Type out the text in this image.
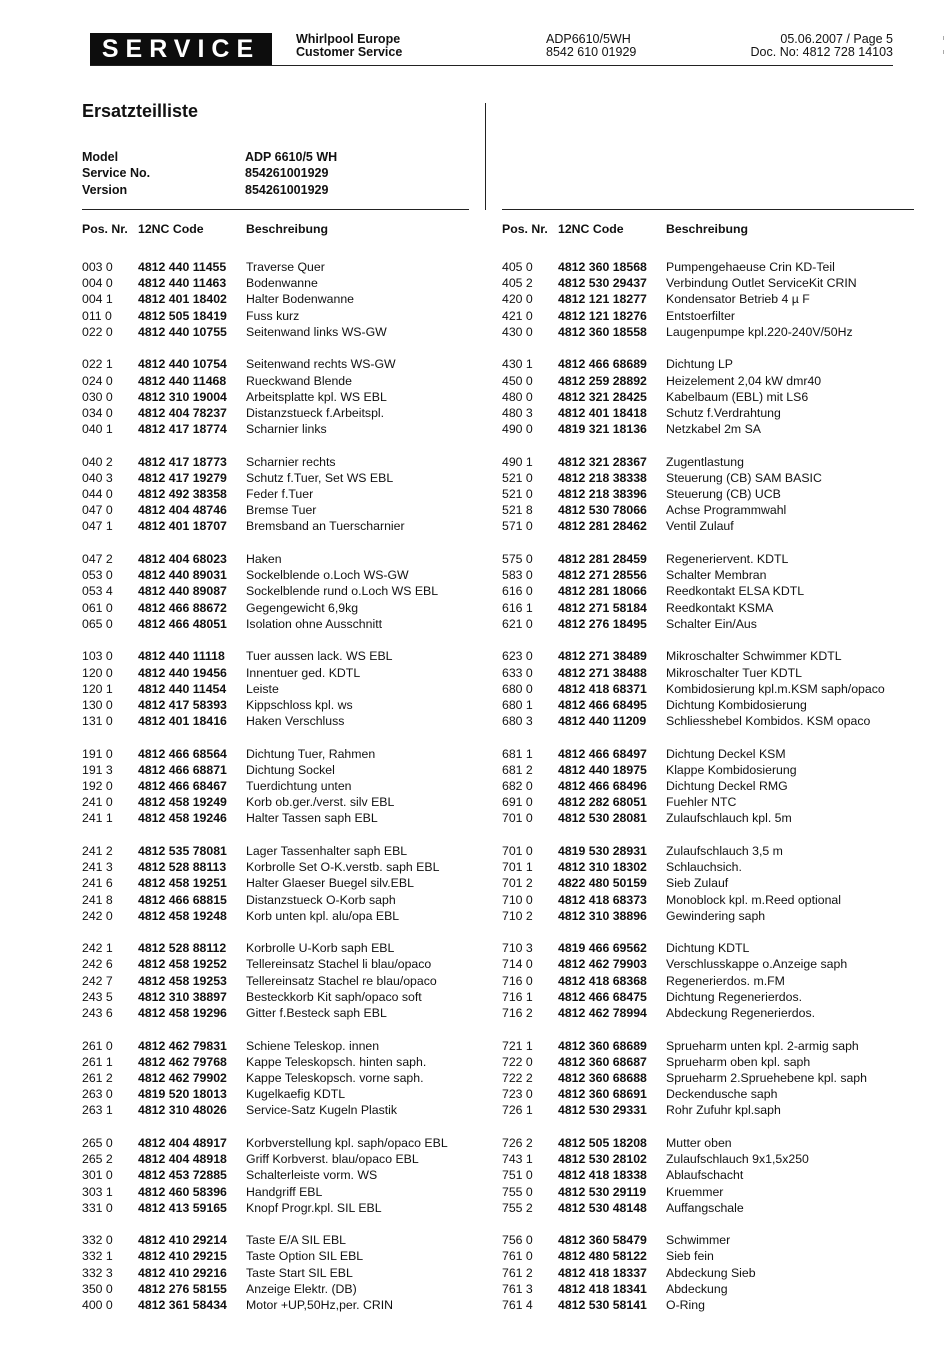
SERVICE	Whirlpool Europe
Customer Service
ADP6610/5WH
8542 610 01929
05.06.2007 / Page 5
Doc. No: 4812 728 14103
Ersatzteilliste
Model	ADP 6610/5 WH
Service No.	854261001929
Version	854261001929
Pos. Nr. 12NC Code	Beschreibung
003 0	4812 440 11455	Traverse Quer
004 0	4812 440 11463	Bodenwanne
004 1	4812 401 18402	Halter Bodenwanne
011 0	4812 505 18419	Fuss kurz
022 0	4812 440 10755	Seitenwand links WS-GW
022 1	4812 440 10754	Seitenwand rechts WS-GW
024 0	4812 440 11468	Rueckwand Blende
030 0	4812 310 19004	Arbeitsplatte kpl. WS EBL
034 0	4812 404 78237	Distanzstueck f.Arbeitspl.
040 1	4812 417 18774	Scharnier links
040 2	4812 417 18773	Scharnier rechts
040 3	4812 417 19279	Schutz f.Tuer, Set WS EBL
044 0	4812 492 38358	Feder f.Tuer
047 0	4812 404 48746	Bremse Tuer
047 1	4812 401 18707	Bremsband an Tuerscharnier
047 2	4812 404 68023	Haken
053 0	4812 440 89031	Sockelblende o.Loch WS-GW
053 4	4812 440 89087	Sockelblende rund o.Loch WS EBL
061 0	4812 466 88672	Gegengewicht 6,9kg
065 0	4812 466 48051	Isolation ohne Ausschnitt
103 0	4812 440 11118	Tuer aussen lack. WS EBL
120 0	4812 440 19456	Innentuer ged. KDTL
120 1	4812 440 11454	Leiste
130 0	4812 417 58393	Kippschloss kpl. ws
131 0	4812 401 18416	Haken Verschluss
191 0	4812 466 68564	Dichtung Tuer, Rahmen
191 3	4812 466 68871	Dichtung Sockel
192 0	4812 466 68467	Tuerdichtung unten
241 0	4812 458 19249	Korb ob.ger./verst. silv EBL
241 1	4812 458 19246	Halter Tassen saph EBL
241 2	4812 535 78081	Lager Tassenhalter saph EBL
241 3	4812 528 88113	Korbrolle Set O-K.verstb. saph EBL
241 6	4812 458 19251	Halter Glaeser Buegel silv.EBL
241 8	4812 466 68815	Distanzstueck O-Korb saph
242 0	4812 458 19248	Korb unten kpl. alu/opa EBL
242 1	4812 528 88112	Korbrolle U-Korb saph EBL
242 6	4812 458 19252	Tellereinsatz Stachel li blau/opaco
242 7	4812 458 19253	Tellereinsatz Stachel re blau/opaco
243 5	4812 310 38897	Besteckkorb Kit saph/opaco soft
243 6	4812 458 19296	Gitter f.Besteck saph EBL
261 0	4812 462 79831	Schiene Teleskop. innen
261 1	4812 462 79768	Kappe Teleskopsch. hinten saph.
261 2	4812 462 79902	Kappe Teleskopsch. vorne saph.
263 0	4819 520 18013	Kugelkaefig KDTL
263 1	4812 310 48026	Service-Satz Kugeln Plastik
265 0	4812 404 48917	Korbverstellung kpl. saph/opaco EBL
265 2	4812 404 48918	Griff Korbverst. blau/opaco EBL
301 0	4812 453 72885	Schalterleiste vorm. WS
303 1	4812 460 58396	Handgriff EBL
331 0	4812 413 59165	Knopf Progr.kpl. SIL EBL
332 0	4812 410 29214	Taste E/A SIL EBL
332 1	4812 410 29215	Taste Option SIL EBL
332 3	4812 410 29216	Taste Start SIL EBL
350 0	4812 276 58155	Anzeige Elektr. (DB)
400 0	4812 361 58434	Motor +UP,50Hz,per. CRIN
Pos. Nr. 12NC Code	Beschreibung
405 0	4812 360 18568	Pumpengehaeuse Crin KD-Teil
405 2	4812 530 29437	Verbindung Outlet ServiceKit CRIN
420 0	4812 121 18277	Kondensator Betrieb 4 µ F
421 0	4812 121 18276	Entstoerfilter
430 0	4812 360 18558	Laugenpumpe kpl.220-240V/50Hz
430 1	4812 466 68689	Dichtung LP
450 0	4812 259 28892	Heizelement 2,04 kW dmr40
480 0	4812 321 28425	Kabelbaum (EBL) mit LS6
480 3	4812 401 18418	Schutz f.Verdrahtung
490 0	4819 321 18136	Netzkabel 2m SA
490 1	4812 321 28367	Zugentlastung
521 0	4812 218 38338	Steuerung (CB) SAM BASIC
521 0	4812 218 38396	Steuerung (CB) UCB
521 8	4812 530 78066	Achse Programmwahl
571 0	4812 281 28462	Ventil Zulauf
575 0	4812 281 28459	Regeneriervent. KDTL
583 0	4812 271 28556	Schalter Membran
616 0	4812 281 18066	Reedkontakt ELSA KDTL
616 1	4812 271 58184	Reedkontakt KSMA
621 0	4812 276 18495	Schalter Ein/Aus
623 0	4812 271 38489	Mikroschalter Schwimmer KDTL
633 0	4812 271 38488	Mikroschalter Tuer KDTL
680 0	4812 418 68371	Kombidosierung kpl.m.KSM saph/opaco
680 1	4812 466 68495	Dichtung Kombidosierung
680 3	4812 440 11209	Schliesshebel Kombidos. KSM opaco
681 1	4812 466 68497	Dichtung Deckel KSM
681 2	4812 440 18975	Klappe Kombidosierung
682 0	4812 466 68496	Dichtung Deckel RMG
691 0	4812 282 68051	Fuehler NTC
701 0	4812 530 28081	Zulaufschlauch kpl. 5m
701 0	4819 530 28931	Zulaufschlauch 3,5 m
701 1	4812 310 18302	Schlauchsich.
701 2	4822 480 50159	Sieb Zulauf
710 0	4812 418 68373	Monoblock kpl. m.Reed optional
710 2	4812 310 38896	Gewindering saph
710 3	4819 466 69562	Dichtung KDTL
714 0	4812 462 79903	Verschlusskappe o.Anzeige saph
716 0	4812 418 68368	Regenerierdos. m.FM
716 1	4812 466 68475	Dichtung Regenerierdos.
716 2	4812 462 78994	Abdeckung Regenerierdos.
721 1	4812 360 68689	Sprueharm unten kpl. 2-armig saph
722 0	4812 360 68687	Sprueharm oben kpl. saph
722 2	4812 360 68688	Sprueharm 2.Spruehebene kpl. saph
723 0	4812 360 68691	Deckendusche saph
726 1	4812 530 29331	Rohr Zufuhr kpl.saph
726 2	4812 505 18208	Mutter oben
743 1	4812 530 28102	Zulaufschlauch 9x1,5x250
751 0	4812 418 18338	Ablaufschacht
755 0	4812 530 29119	Kruemmer
755 2	4812 530 48148	Auffangschale
756 0	4812 360 58479	Schwimmer
761 0	4812 480 58122	Sieb fein
761 2	4812 418 18337	Abdeckung Sieb
761 3	4812 418 18341	Abdeckung
761 4	4812 530 58141	O-Ring
